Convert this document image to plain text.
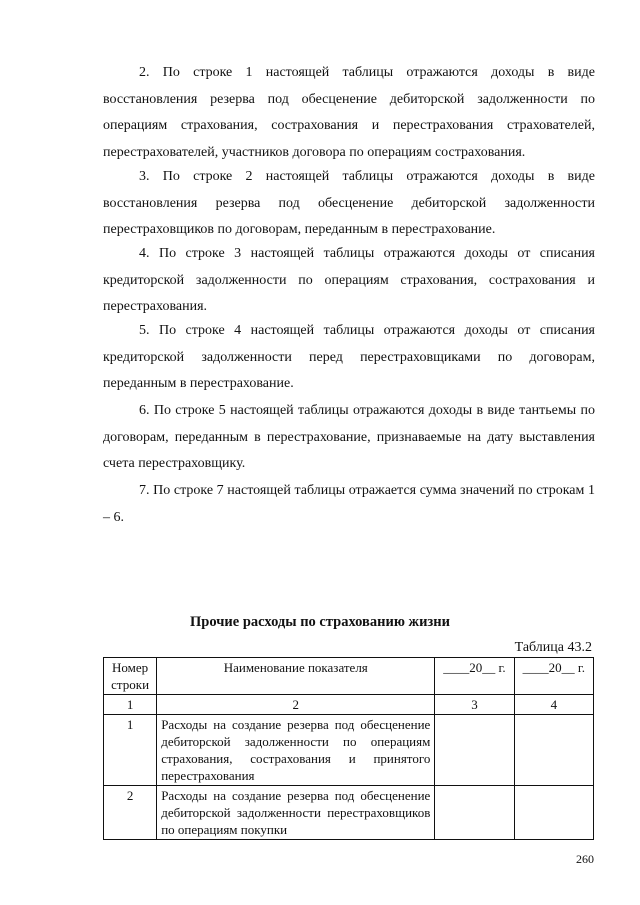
2. По строке 1 настоящей таблицы отражаются доходы в виде восстановления резерва под обесценение дебиторской задолженности по операциям страхования, сострахования и перестрахования страхователей, перестрахователей, участников договора по операциям сострахования.

3. По строке 2 настоящей таблицы отражаются доходы в виде восстановления резерва под обесценение дебиторской задолженности перестраховщиков по договорам, переданным в перестрахование.

4. По строке 3 настоящей таблицы отражаются доходы от списания кредиторской задолженности по операциям страхования, сострахования и перестрахования.

5. По строке 4 настоящей таблицы отражаются доходы от списания кредиторской задолженности перед перестраховщиками по договорам, переданным в перестрахование.

6. По строке 5 настоящей таблицы отражаются доходы в виде тантьемы по договорам, переданным в перестрахование, признаваемые на дату выставления счета перестраховщику.

7. По строке 7 настоящей таблицы отражается сумма значений по строкам 1 – 6.

Прочие расходы по страхованию жизни

Таблица 43.2

Номер строки	Наименование показателя	____20__ г.	____20__ г.
1	2	3	4
1	Расходы на создание резерва под обесценение дебиторской задолженности по операциям страхования, сострахования и принятого перестрахования		
2	Расходы на создание резерва под обесценение дебиторской задолженности перестраховщиков по операциям покупки		
260
